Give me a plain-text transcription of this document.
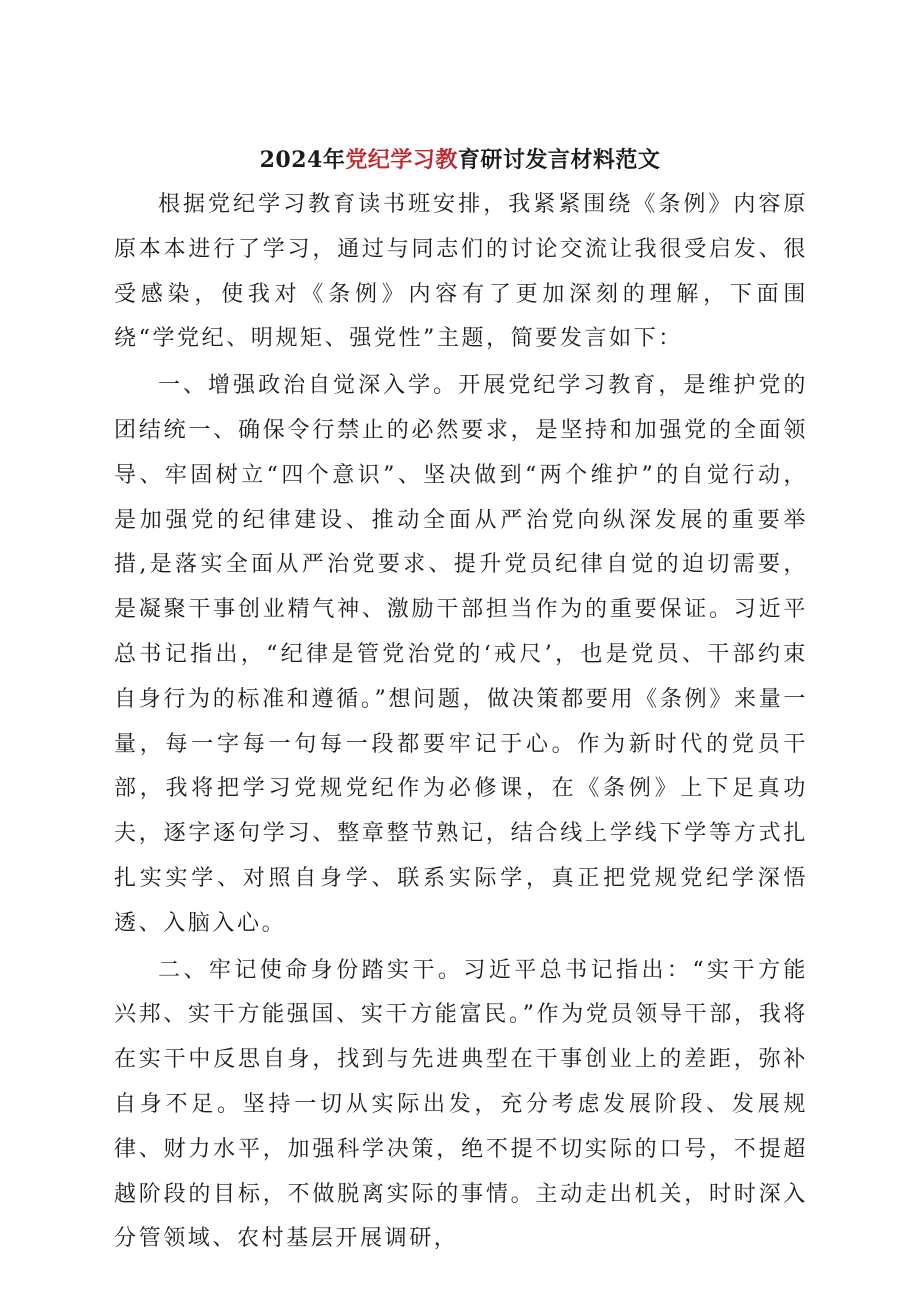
2024年党纪学习教育研讨发言材料范文

根据党纪学习教育读书班安排，我紧紧围绕《条例》内容原原本本进行了学习，通过与同志们的讨论交流让我很受启发、很受感染，使我对《条例》内容有了更加深刻的理解，下面围绕“学党纪、明规矩、强党性”主题，简要发言如下：

一、增强政治自觉深入学。开展党纪学习教育，是维护党的团结统一、确保令行禁止的必然要求，是坚持和加强党的全面领导、牢固树立“四个意识”、坚决做到“两个维护”的自觉行动，是加强党的纪律建设、推动全面从严治党向纵深发展的重要举措,是落实全面从严治党要求、提升党员纪律自觉的迫切需要，是凝聚干事创业精气神、激励干部担当作为的重要保证。习近平总书记指出，“纪律是管党治党的‘戒尺’，也是党员、干部约束自身行为的标准和遵循。”想问题，做决策都要用《条例》来量一量，每一字每一句每一段都要牢记于心。作为新时代的党员干部，我将把学习党规党纪作为必修课，在《条例》上下足真功夫，逐字逐句学习、整章整节熟记，结合线上学线下学等方式扎扎实实学、对照自身学、联系实际学，真正把党规党纪学深悟透、入脑入心。

二、牢记使命身份踏实干。习近平总书记指出：“实干方能兴邦、实干方能强国、实干方能富民。”作为党员领导干部，我将在实干中反思自身，找到与先进典型在干事创业上的差距，弥补自身不足。坚持一切从实际出发，充分考虑发展阶段、发展规律、财力水平，加强科学决策，绝不提不切实际的口号，不提超越阶段的目标，不做脱离实际的事情。主动走出机关，时时深入分管领域、农村基层开展调研，
